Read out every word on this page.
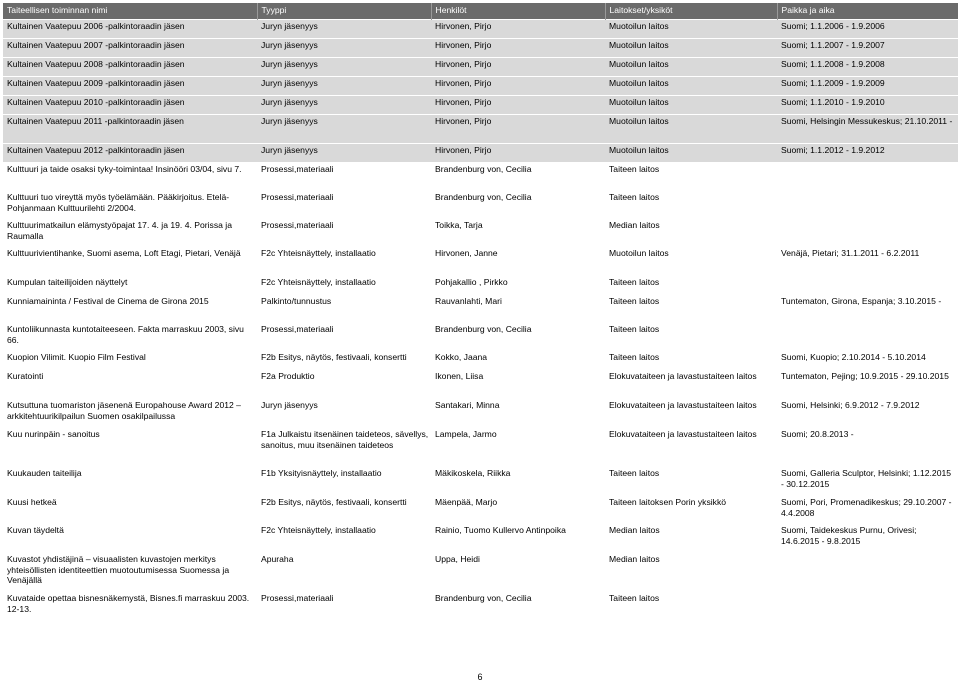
Taiteellisen toiminnan nimi	Tyyppi	Henkilöt	Laitokset/yksiköt	Paikka ja aika
Kultainen Vaatepuu 2006 -palkintoraadin jäsen	Juryn jäsenyys	Hirvonen, Pirjo	Muotoilun laitos	Suomi; 1.1.2006 - 1.9.2006
Kultainen Vaatepuu 2007 -palkintoraadin jäsen	Juryn jäsenyys	Hirvonen, Pirjo	Muotoilun laitos	Suomi; 1.1.2007 - 1.9.2007
Kultainen Vaatepuu 2008 -palkintoraadin jäsen	Juryn jäsenyys	Hirvonen, Pirjo	Muotoilun laitos	Suomi; 1.1.2008 - 1.9.2008
Kultainen Vaatepuu 2009 -palkintoraadin jäsen	Juryn jäsenyys	Hirvonen, Pirjo	Muotoilun laitos	Suomi; 1.1.2009 - 1.9.2009
Kultainen Vaatepuu 2010 -palkintoraadin jäsen	Juryn jäsenyys	Hirvonen, Pirjo	Muotoilun laitos	Suomi; 1.1.2010 - 1.9.2010
Kultainen Vaatepuu 2011 -palkintoraadin jäsen	Juryn jäsenyys	Hirvonen, Pirjo	Muotoilun laitos	Suomi, Helsingin Messukeskus; 21.10.2011 -
Kultainen Vaatepuu 2012 -palkintoraadin jäsen	Juryn jäsenyys	Hirvonen, Pirjo	Muotoilun laitos	Suomi; 1.1.2012 - 1.9.2012
Kulttuuri ja taide osaksi tyky-toimintaa! Insinööri 03/04, sivu 7.	Prosessi,materiaali	Brandenburg von, Cecilia	Taiteen laitos	
Kulttuuri tuo vireyttä myös työelämään. Pääkirjoitus. Etelä-Pohjanmaan Kulttuurilehti 2/2004.	Prosessi,materiaali	Brandenburg von, Cecilia	Taiteen laitos	
Kulttuurimatkailun elämystyöpajat 17. 4. ja 19. 4. Porissa ja Raumalla	Prosessi,materiaali	Toikka, Tarja	Median laitos	
Kulttuurivientihanke, Suomi asema, Loft Etagi, Pietari, Venäjä	F2c Yhteisnäyttely, installaatio	Hirvonen, Janne	Muotoilun laitos	Venäjä, Pietari; 31.1.2011 - 6.2.2011
Kumpulan taiteilijoiden näyttelyt	F2c Yhteisnäyttely, installaatio	Pohjakallio , Pirkko	Taiteen laitos	
Kunniamaininta / Festival de Cinema de Girona 2015	Palkinto/tunnustus	Rauvanlahti, Mari	Taiteen laitos	Tuntematon, Girona, Espanja; 3.10.2015 -
Kuntoliikunnasta kuntotaiteeseen. Fakta marraskuu 2003, sivu 66.	Prosessi,materiaali	Brandenburg von, Cecilia	Taiteen laitos	
Kuopion Vilimit. Kuopio Film Festival	F2b Esitys, näytös, festivaali, konsertti	Kokko, Jaana	Taiteen laitos	Suomi, Kuopio; 2.10.2014 - 5.10.2014
Kuratointi	F2a Produktio	Ikonen, Liisa	Elokuvataiteen ja lavastustaiteen laitos	Tuntematon, Pejing; 10.9.2015 - 29.10.2015
Kutsuttuna tuomariston jäsenenä Europahouse Award 2012 –arkkitehtuurikilpailun Suomen osakilpailussa	Juryn jäsenyys	Santakari, Minna	Elokuvataiteen ja lavastustaiteen laitos	Suomi, Helsinki; 6.9.2012 - 7.9.2012
Kuu nurinpäin - sanoitus	F1a Julkaistu itsenäinen taideteos, sävellys, sanoitus, muu itsenäinen taideteos	Lampela, Jarmo	Elokuvataiteen ja lavastustaiteen laitos	Suomi; 20.8.2013 -
Kuukauden taiteilija	F1b Yksityisnäyttely, installaatio	Mäkikoskela, Riikka	Taiteen laitos	Suomi, Galleria Sculptor, Helsinki; 1.12.2015 - 30.12.2015
Kuusi hetkeä	F2b Esitys, näytös, festivaali, konsertti	Mäenpää, Marjo	Taiteen laitoksen Porin yksikkö	Suomi, Pori, Promenadikeskus; 29.10.2007 - 4.4.2008
Kuvan täydeltä	F2c Yhteisnäyttely, installaatio	Rainio, Tuomo Kullervo Antinpoika	Median laitos	Suomi, Taidekeskus Purnu, Orivesi; 14.6.2015 - 9.8.2015
Kuvastot yhdistäjinä – visuaalisten kuvastojen merkitys yhteisöllisten identiteettien muotoutumisessa Suomessa ja Venäjällä	Apuraha	Uppa, Heidi	Median laitos	
Kuvataide opettaa bisnesnäkemystä, Bisnes.fi marraskuu 2003. 12-13.	Prosessi,materiaali	Brandenburg von, Cecilia	Taiteen laitos	
6
